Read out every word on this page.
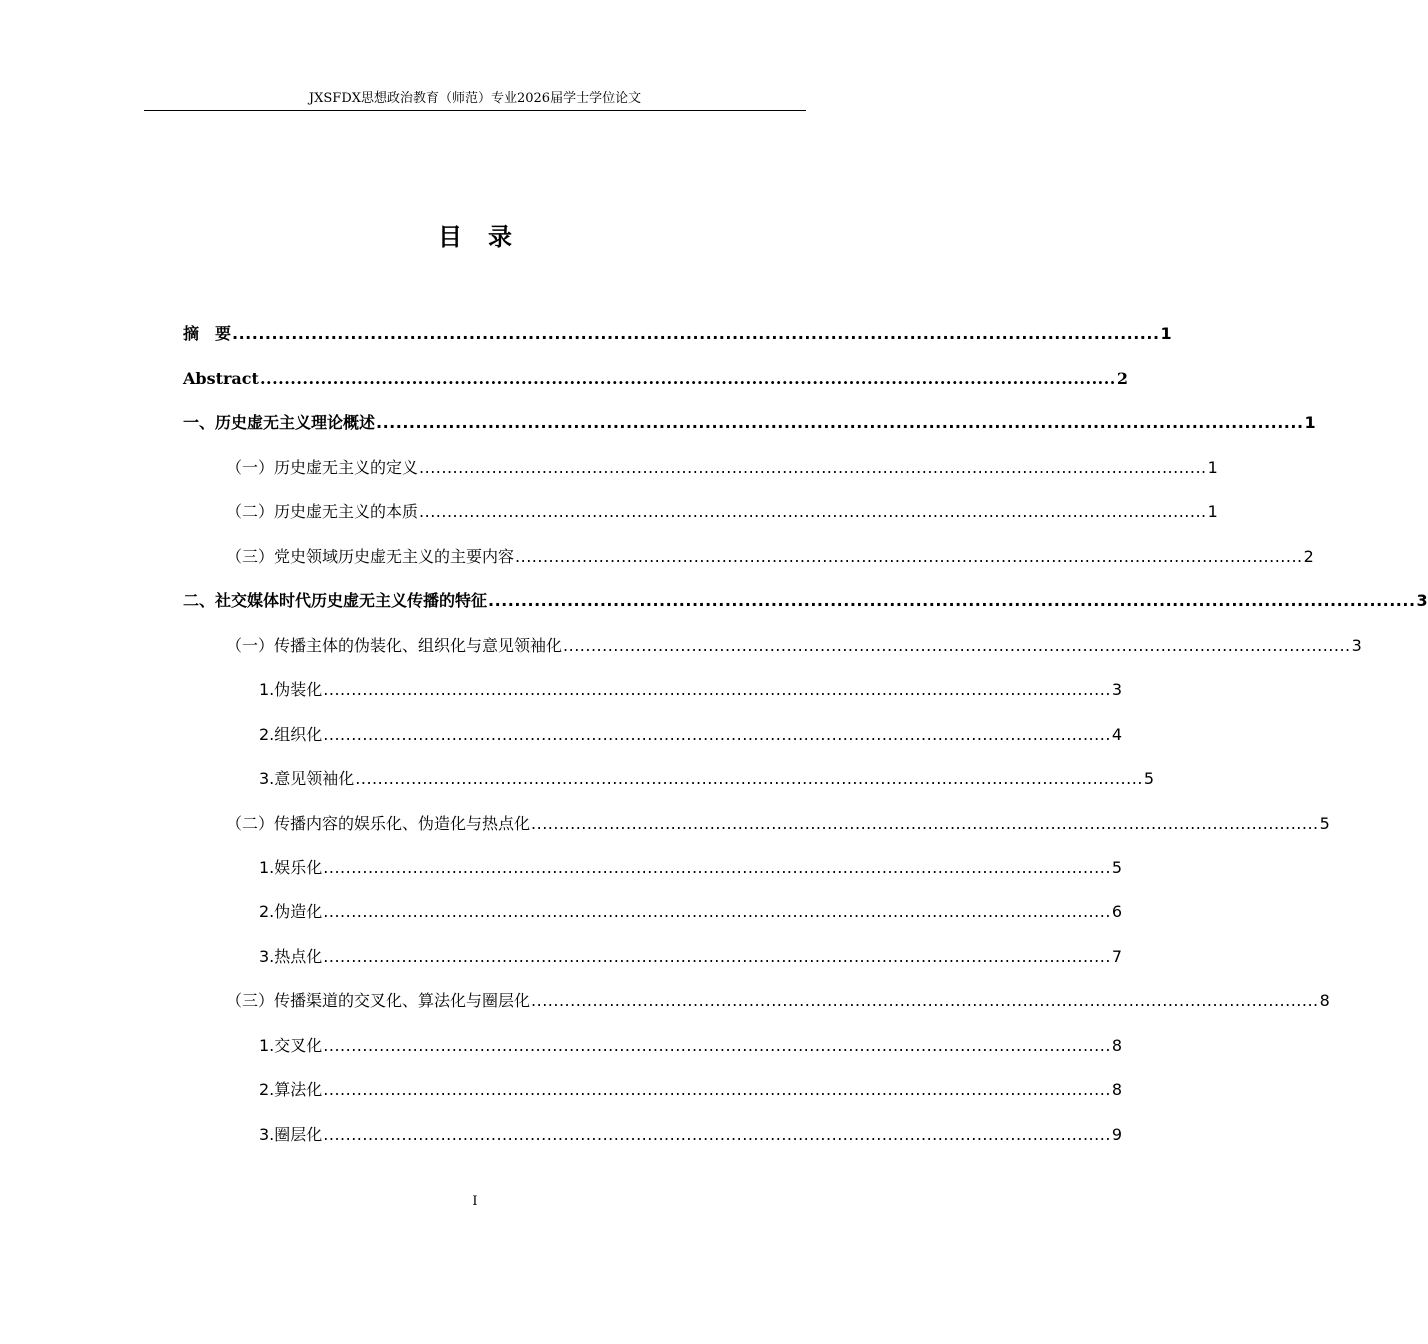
JXSFDX思想政治教育（师范）专业2026届学士学位论文
目录
摘　要 ............................................................................................................................................. 1
Abstract ............................................................................................................................................. 2
一、历史虚无主义理论概述 ............................................................................................................................................. 1
（一）历史虚无主义的定义 ............................................................................................................................................. 1
（二）历史虚无主义的本质 ............................................................................................................................................. 1
（三）党史领域历史虚无主义的主要内容 ............................................................................................................................................. 2
二、社交媒体时代历史虚无主义传播的特征 ............................................................................................................................................. 3
（一）传播主体的伪装化、组织化与意见领袖化 ............................................................................................................................................. 3
1.伪装化 ............................................................................................................................................. 3
2.组织化 ............................................................................................................................................. 4
3.意见领袖化 ............................................................................................................................................. 5
（二）传播内容的娱乐化、伪造化与热点化 ............................................................................................................................................. 5
1.娱乐化 ............................................................................................................................................. 5
2.伪造化 ............................................................................................................................................. 6
3.热点化 ............................................................................................................................................. 7
（三）传播渠道的交叉化、算法化与圈层化 ............................................................................................................................................. 8
1.交叉化 ............................................................................................................................................. 8
2.算法化 ............................................................................................................................................. 8
3.圈层化 ............................................................................................................................................. 9
I
